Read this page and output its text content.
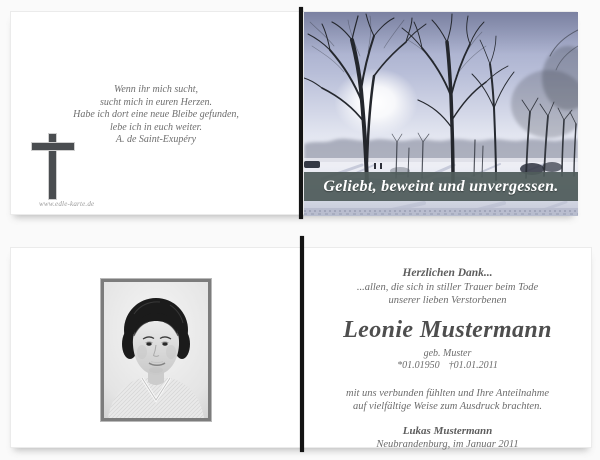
Wenn ihr mich sucht,
sucht mich in euren Herzen.
Habe ich dort eine neue Bleibe gefunden,
lebe ich in euch weiter.
A. de Saint-Exupéry
www.edle-karte.de
Geliebt, beweint und unvergessen.
Herzlichen Dank...
...allen, die sich in stiller Trauer beim Tode
unserer lieben Verstorbenen
Leonie Mustermann
geb. Muster
*01.01950 †01.01.2011
mit uns verbunden fühlten und Ihre Anteilnahme
auf vielfältige Weise zum Ausdruck brachten.
Lukas Mustermann
Neubrandenburg, im Januar 2011
